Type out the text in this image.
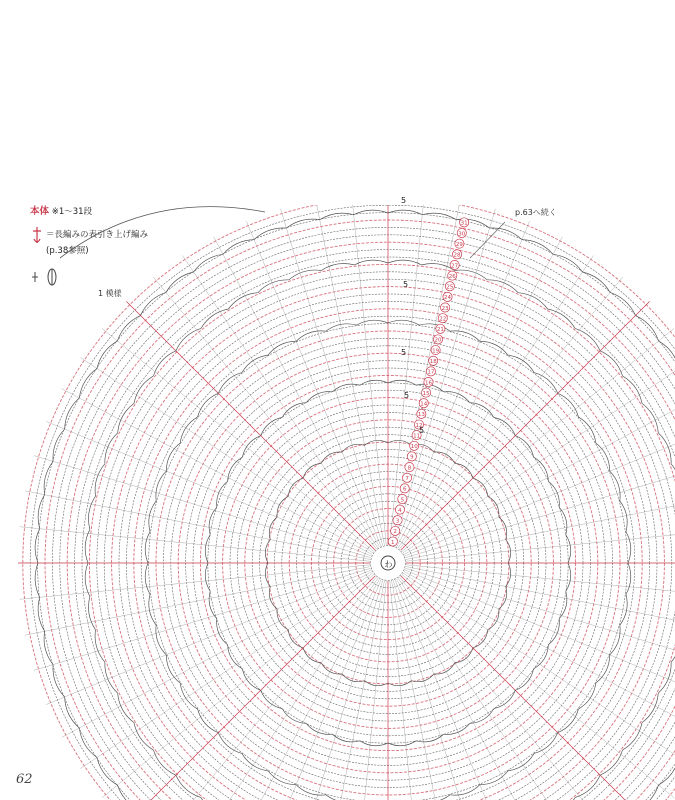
本体 ※1～31段
＝長編みの表引き上げ編み
(p.38参照)
1 模様
p.63へ続く
1
2
3
4
5
6
7
8
9
10
11
12
13
14
15
16
17
18
19
20
21
22
23
24
25
26
27
28
29
30
31
5
5
5
5
5
わ
62
